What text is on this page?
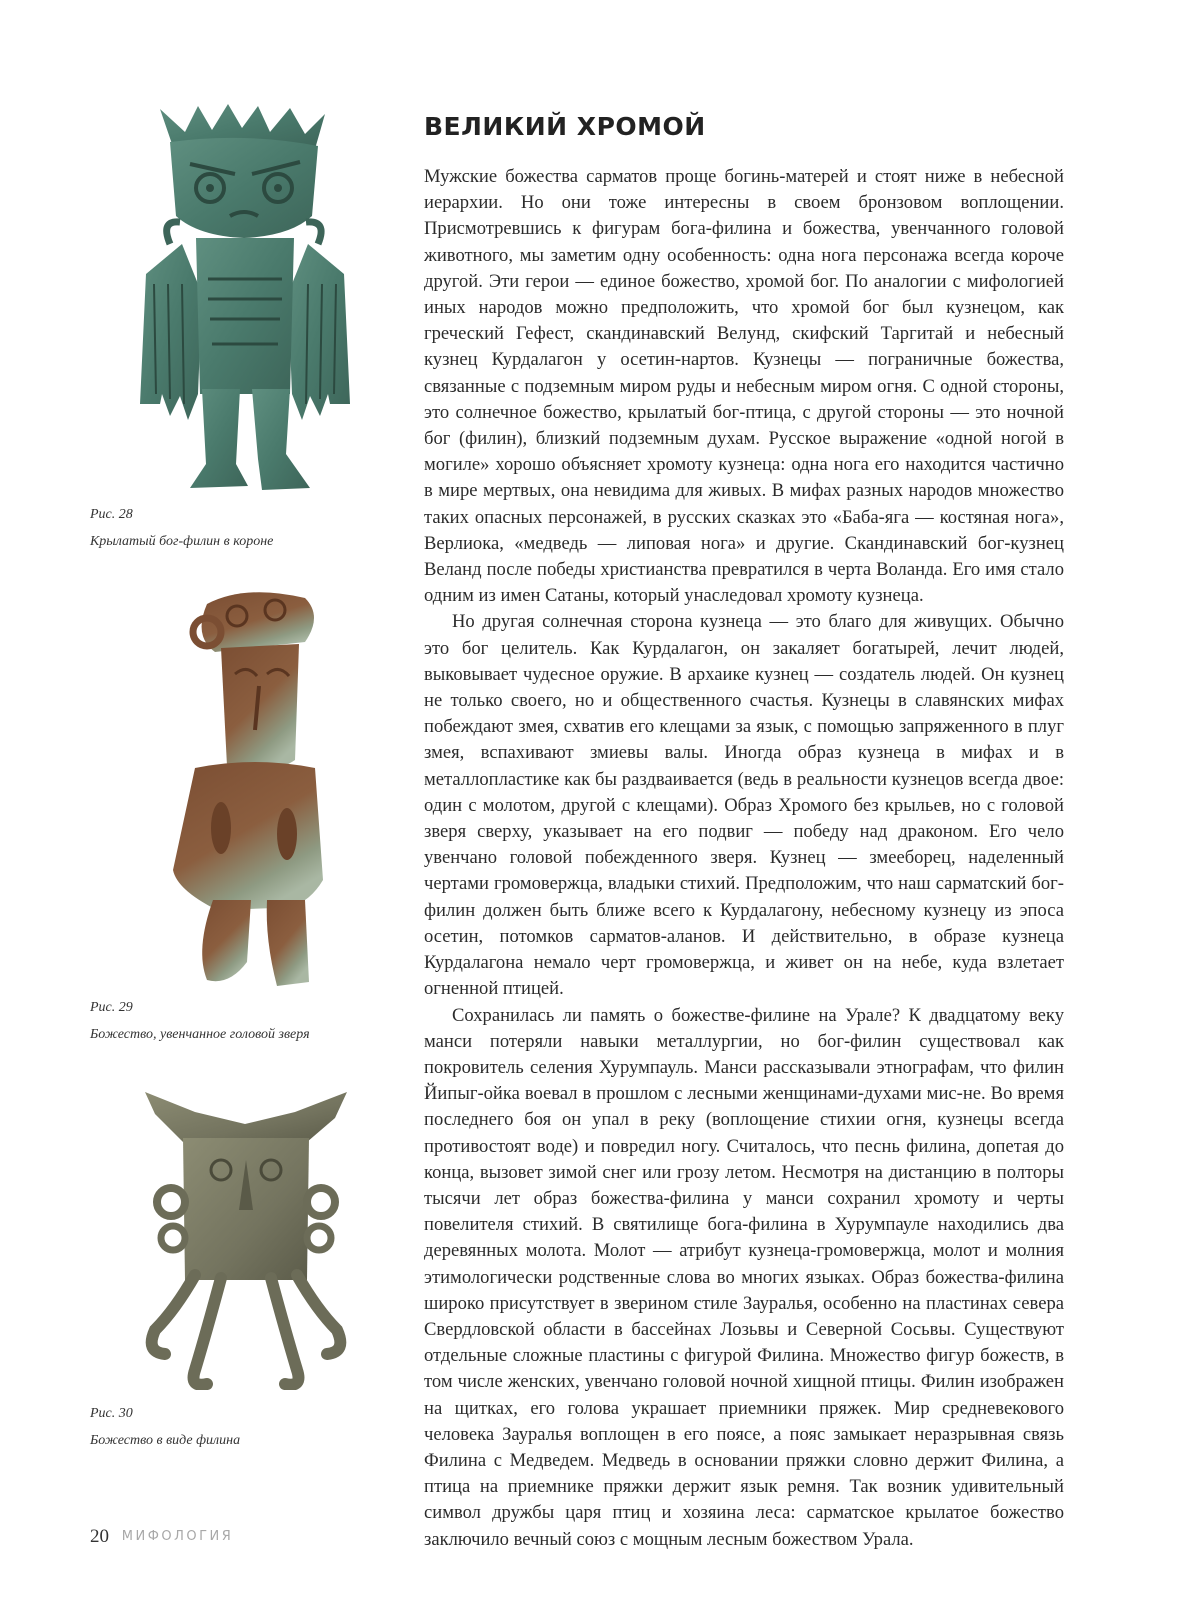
Рис. 28
Крылатый бог-филин в короне
Рис. 29
Божество, увенчанное головой зверя
Рис. 30
Божество в виде филина
ВЕЛИКИЙ ХРОМОЙ

Мужские божества сарматов проще богинь-матерей и стоят ниже в небесной иерархии. Но они тоже интересны в своем бронзовом воплощении. Присмотревшись к фигурам бога-филина и божества, увенчанного головой животного, мы заметим одну особенность: одна нога персонажа всегда короче другой. Эти герои — единое божество, хромой бог. По аналогии с мифологией иных народов можно предположить, что хромой бог был кузнецом, как греческий Гефест, скандинавский Велунд, скифский Таргитай и небесный кузнец Курдалагон у осетин-нартов. Кузнецы — пограничные божества, связанные с подземным миром руды и небесным миром огня. С одной стороны, это солнечное божество, крылатый бог-птица, с другой стороны — это ночной бог (филин), близкий подземным духам. Русское выражение «одной ногой в могиле» хорошо объясняет хромоту кузнеца: одна нога его находится частично в мире мертвых, она невидима для живых. В мифах разных народов множество таких опасных персонажей, в русских сказках это «Баба-яга — костяная нога», Верлиока, «медведь — липовая нога» и другие. Скандинавский бог-кузнец Веланд после победы христианства превратился в черта Воланда. Его имя стало одним из имен Сатаны, который унаследовал хромоту кузнеца.

Но другая солнечная сторона кузнеца — это благо для живущих. Обычно это бог целитель. Как Курдалагон, он закаляет богатырей, лечит людей, выковывает чудесное оружие. В архаике кузнец — создатель людей. Он кузнец не только своего, но и общественного счастья. Кузнецы в славянских мифах побеждают змея, схватив его клещами за язык, с помощью запряженного в плуг змея, вспахивают змиевы валы. Иногда образ кузнеца в мифах и в металлопластике как бы раздваивается (ведь в реальности кузнецов всегда двое: один с молотом, другой с клещами). Образ Хромого без крыльев, но с головой зверя сверху, указывает на его подвиг — победу над драконом. Его чело увенчано головой побежденного зверя. Кузнец — змееборец, наделенный чертами громовержца, владыки стихий. Предположим, что наш сарматский бог-филин должен быть ближе всего к Курдалагону, небесному кузнецу из эпоса осетин, потомков сарматов-аланов. И действительно, в образе кузнеца Курдалагона немало черт громовержца, и живет он на небе, куда взлетает огненной птицей.

Сохранилась ли память о божестве-филине на Урале? К двадцатому веку манси потеряли навыки металлургии, но бог-филин существовал как покровитель селения Хурумпауль. Манси рассказывали этнографам, что филин Йипыг-ойка воевал в прошлом с лесными женщинами-духами мис-не. Во время последнего боя он упал в реку (воплощение стихии огня, кузнецы всегда противостоят воде) и повредил ногу. Считалось, что песнь филина, допетая до конца, вызовет зимой снег или грозу летом. Несмотря на дистанцию в полторы тысячи лет образ божества-филина у манси сохранил хромоту и черты повелителя стихий. В святилище бога-филина в Хурумпауле находились два деревянных молота. Молот — атрибут кузнеца-громовержца, молот и молния этимологически родственные слова во многих языках. Образ божества-филина широко присутствует в зверином стиле Зауралья, особенно на пластинах севера Свердловской области в бассейнах Лозьвы и Северной Сосьвы. Существуют отдельные сложные пластины с фигурой Филина. Множество фигур божеств, в том числе женских, увенчано головой ночной хищной птицы. Филин изображен на щитках, его голова украшает приемники пряжек. Мир средневекового человека Зауралья воплощен в его поясе, а пояс замыкает неразрывная связь Филина с Медведем. Медведь в основании пряжки словно держит Филина, а птица на приемнике пряжки держит язык ремня. Так возник удивительный символ дружбы царя птиц и хозяина леса: сарматское крылатое божество заключило вечный союз с мощным лесным божеством Урала.

20 МИФОЛОГИЯ
